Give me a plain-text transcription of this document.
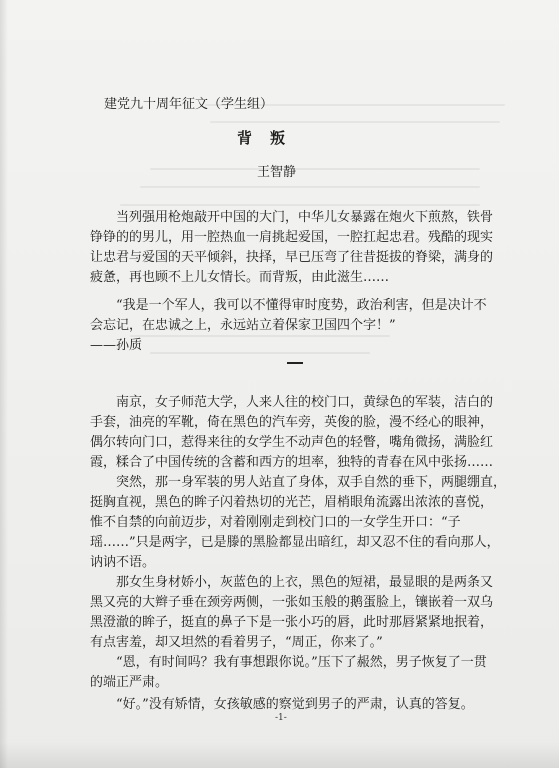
建党九十周年征文（学生组）
背叛
王智静
当列强用枪炮敲开中国的大门，中华儿女暴露在炮火下煎熬，铁骨
铮铮的的男儿，用一腔热血一肩挑起爱国，一腔扛起忠君。残酷的现实
让忠君与爱国的天平倾斜，抉择，早已压弯了往昔挺拔的脊梁，满身的
疲惫，再也顾不上儿女情长。而背叛，由此滋生……
“我是一个军人，我可以不懂得审时度势，政治利害，但是决计不
会忘记，在忠诚之上，永远站立着保家卫国四个字！”
——孙质
南京，女子师范大学，人来人往的校门口，黄绿色的军装，洁白的
手套，油亮的军靴，倚在黑色的汽车旁，英俊的脸，漫不经心的眼神，
偶尔转向门口，惹得来往的女学生不动声色的轻瞥，嘴角微扬，满脸红
霞，糅合了中国传统的含蓄和西方的坦率，独特的青春在风中张扬……
突然，那一身军装的男人站直了身体，双手自然的垂下，两腿绷直，
挺胸直视，黑色的眸子闪着热切的光芒，眉梢眼角流露出浓浓的喜悦，
惟不自禁的向前迈步，对着刚刚走到校门口的一女学生开口：“子
瑶……”只是两字，已是滕的黑脸都显出暗红，却又忍不住的看向那人，
讷讷不语。
那女生身材娇小，灰蓝色的上衣，黑色的短裙，最显眼的是两条又
黑又亮的大辫子垂在颈旁两侧，一张如玉般的鹅蛋脸上，镶嵌着一双乌
黑澄澈的眸子，挺直的鼻子下是一张小巧的唇，此时那唇紧紧地抿着，
有点害羞，却又坦然的看着男子，“周正，你来了。”
“恩，有时间吗？我有事想跟你说。”压下了赧然，男子恢复了一贯
的端正严肃。
“好。”没有矫情，女孩敏感的察觉到男子的严肃，认真的答复。
-1-
